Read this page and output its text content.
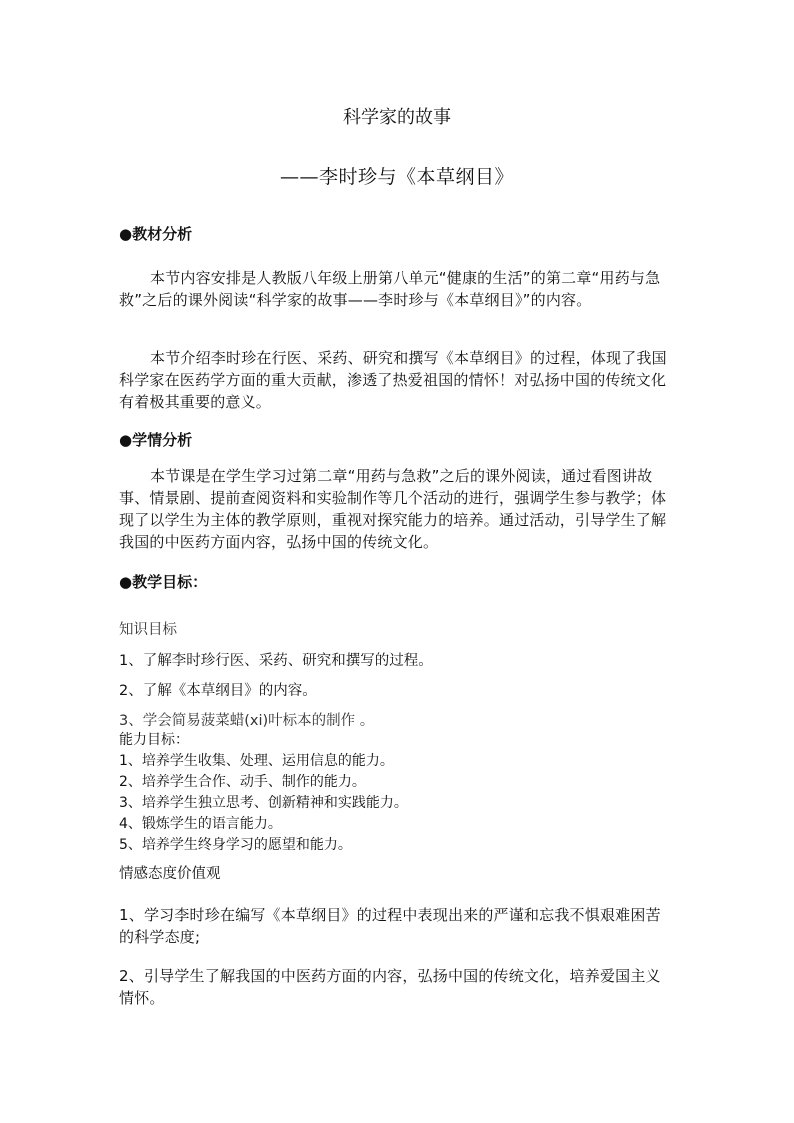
科学家的故事
——李时珍与《本草纲目》
●教材分析
本节内容安排是人教版八年级上册第八单元“健康的生活”的第二章“用药与急救”之后的课外阅读“科学家的故事——李时珍与《本草纲目》”的内容。
本节介绍李时珍在行医、采药、研究和撰写《本草纲目》的过程，体现了我国科学家在医药学方面的重大贡献，渗透了热爱祖国的情怀！对弘扬中国的传统文化有着极其重要的意义。
●学情分析
本节课是在学生学习过第二章“用药与急救”之后的课外阅读，通过看图讲故事、情景剧、提前查阅资料和实验制作等几个活动的进行，强调学生参与教学；体现了以学生为主体的教学原则，重视对探究能力的培养。通过活动，引导学生了解我国的中医药方面内容，弘扬中国的传统文化。
●教学目标：
知识目标
1、了解李时珍行医、采药、研究和撰写的过程。
2、了解《本草纲目》的内容。
3、学会简易菠菜蜡(xi)叶标本的制作 。
能力目标：
1、培养学生收集、处理、运用信息的能力。
2、培养学生合作、动手、制作的能力。
3、培养学生独立思考、创新精神和实践能力。
4、锻炼学生的语言能力。
5、培养学生终身学习的愿望和能力。
情感态度价值观
1、学习李时珍在编写《本草纲目》的过程中表现出来的严谨和忘我不惧艰难困苦的科学态度;
2、引导学生了解我国的中医药方面的内容，弘扬中国的传统文化，培养爱国主义情怀。
